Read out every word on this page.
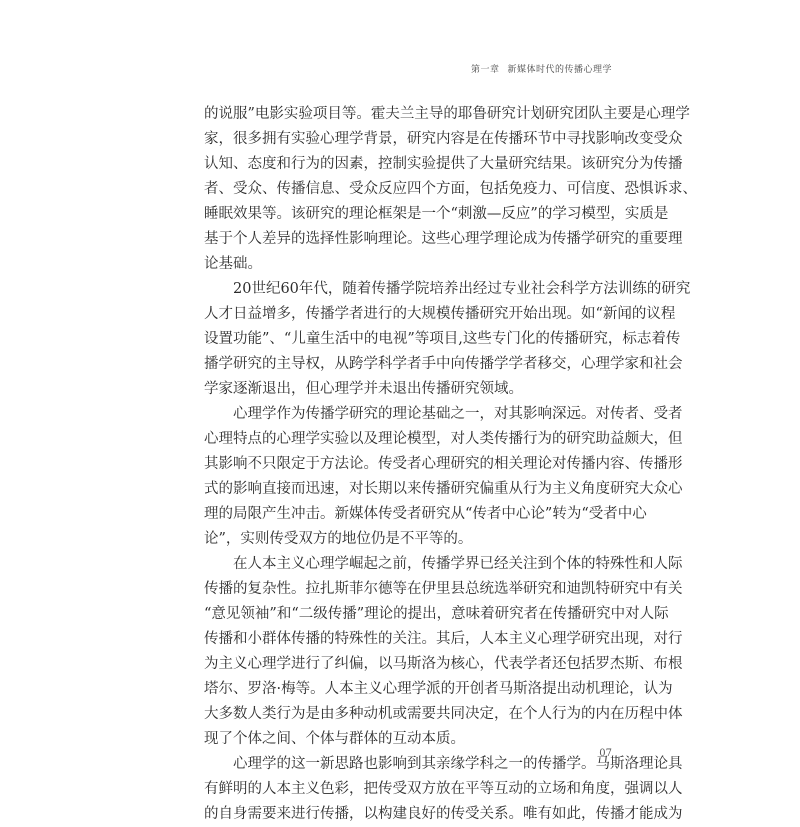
第一章 新媒体时代的传播心理学
的说服”电影实验项目等。霍夫兰主导的耶鲁研究计划研究团队主要是心理学
家，很多拥有实验心理学背景，研究内容是在传播环节中寻找影响改变受众
认知、态度和行为的因素，控制实验提供了大量研究结果。该研究分为传播
者、受众、传播信息、受众反应四个方面，包括免疫力、可信度、恐惧诉求、
睡眠效果等。该研究的理论框架是一个“刺激—反应”的学习模型，实质是
基于个人差异的选择性影响理论。这些心理学理论成为传播学研究的重要理
论基础。
　　20世纪60年代，随着传播学院培养出经过专业社会科学方法训练的研究
人才日益增多，传播学者进行的大规模传播研究开始出现。如“新闻的议程
设置功能”、“儿童生活中的电视”等项目,这些专门化的传播研究，标志着传
播学研究的主导权，从跨学科学者手中向传播学学者移交，心理学家和社会
学家逐渐退出，但心理学并未退出传播研究领域。
　　心理学作为传播学研究的理论基础之一，对其影响深远。对传者、受者
心理特点的心理学实验以及理论模型，对人类传播行为的研究助益颇大，但
其影响不只限定于方法论。传受者心理研究的相关理论对传播内容、传播形
式的影响直接而迅速，对长期以来传播研究偏重从行为主义角度研究大众心
理的局限产生冲击。新媒体传受者研究从“传者中心论”转为“受者中心
论”，实则传受双方的地位仍是不平等的。
　　在人本主义心理学崛起之前，传播学界已经关注到个体的特殊性和人际
传播的复杂性。拉扎斯菲尔德等在伊里县总统选举研究和迪凯特研究中有关
“意见领袖”和“二级传播”理论的提出，意味着研究者在传播研究中对人际
传播和小群体传播的特殊性的关注。其后，人本主义心理学研究出现，对行
为主义心理学进行了纠偏，以马斯洛为核心，代表学者还包括罗杰斯、布根
塔尔、罗洛·梅等。人本主义心理学派的开创者马斯洛提出动机理论，认为
大多数人类行为是由多种动机或需要共同决定，在个人行为的内在历程中体
现了个体之间、个体与群体的互动本质。
　　心理学的这一新思路也影响到其亲缘学科之一的传播学。马斯洛理论具
有鲜明的人本主义色彩，把传受双方放在平等互动的立场和角度，强调以人
的自身需要来进行传播，以构建良好的传受关系。唯有如此，传播才能成为
07
